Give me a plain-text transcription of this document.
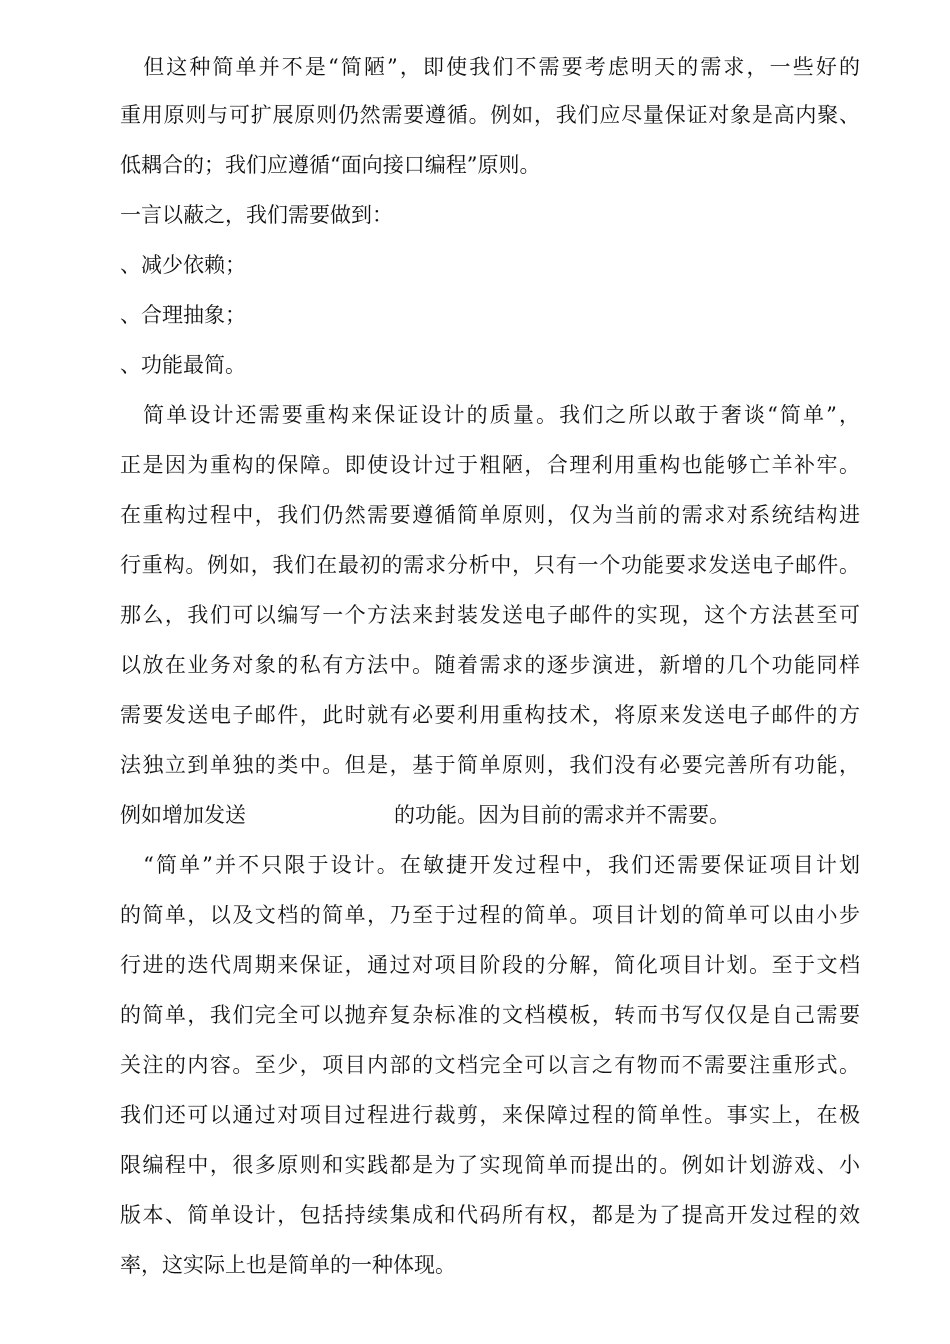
　但这种简单并不是“简陋”，即使我们不需要考虑明天的需求，一些好的
重用原则与可扩展原则仍然需要遵循。例如，我们应尽量保证对象是高内聚、
低耦合的；我们应遵循“面向接口编程”原则。
一言以蔽之，我们需要做到：
、减少依赖；
、合理抽象；
、功能最简。
　简单设计还需要重构来保证设计的质量。我们之所以敢于奢谈“简单”，
正是因为重构的保障。即使设计过于粗陋，合理利用重构也能够亡羊补牢。
在重构过程中，我们仍然需要遵循简单原则，仅为当前的需求对系统结构进
行重构。例如，我们在最初的需求分析中，只有一个功能要求发送电子邮件。
那么，我们可以编写一个方法来封装发送电子邮件的实现，这个方法甚至可
以放在业务对象的私有方法中。随着需求的逐步演进，新增的几个功能同样
需要发送电子邮件，此时就有必要利用重构技术，将原来发送电子邮件的方
法独立到单独的类中。但是，基于简单原则，我们没有必要完善所有功能，
例如增加发送	的功能。因为目前的需求并不需要。
　“简单”并不只限于设计。在敏捷开发过程中，我们还需要保证项目计划
的简单，以及文档的简单，乃至于过程的简单。项目计划的简单可以由小步
行进的迭代周期来保证，通过对项目阶段的分解，简化项目计划。至于文档
的简单，我们完全可以抛弃复杂标准的文档模板，转而书写仅仅是自己需要
关注的内容。至少，项目内部的文档完全可以言之有物而不需要注重形式。
我们还可以通过对项目过程进行裁剪，来保障过程的简单性。事实上，在极
限编程中，很多原则和实践都是为了实现简单而提出的。例如计划游戏、小
版本、简单设计，包括持续集成和代码所有权，都是为了提高开发过程的效
率，这实际上也是简单的一种体现。
